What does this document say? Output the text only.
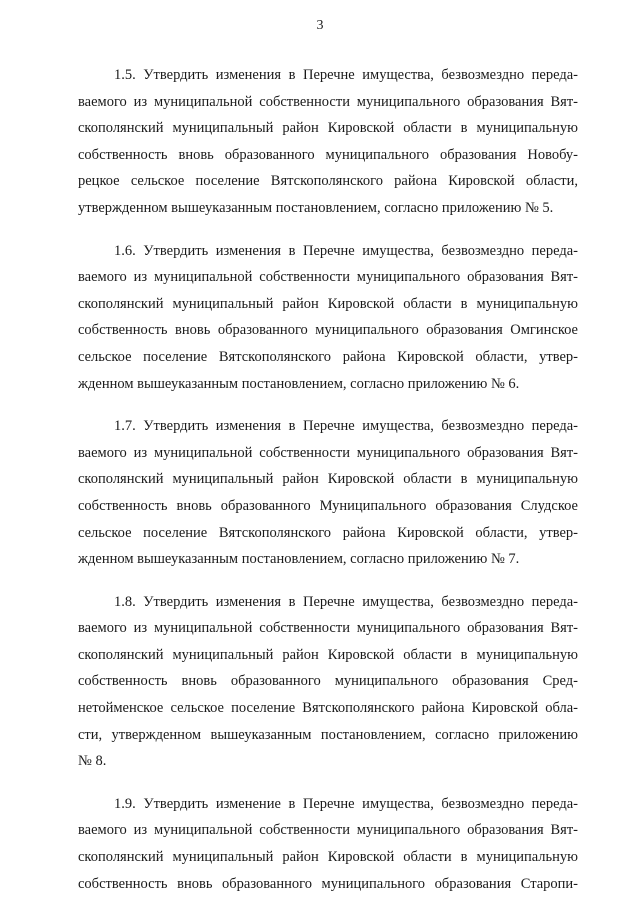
3

1.5. Утвердить изменения в Перечне имущества, безвозмездно переда-
ваемого из муниципальной собственности муниципального образования Вят-
скополянский муниципальный район Кировской области в муниципальную
собственность вновь образованного муниципального образования Новобу-
рецкое сельское поселение Вятскополянского района Кировской области,
утвержденном вышеуказанным постановлением, согласно приложению № 5.

1.6. Утвердить изменения в Перечне имущества, безвозмездно переда-
ваемого из муниципальной собственности муниципального образования Вят-
скополянский муниципальный район Кировской области в муниципальную
собственность вновь образованного муниципального образования Омгинское
сельское поселение Вятскополянского района Кировской области, утвер-
жденном вышеуказанным постановлением, согласно приложению № 6.

1.7. Утвердить изменения в Перечне имущества, безвозмездно переда-
ваемого из муниципальной собственности муниципального образования Вят-
скополянский муниципальный район Кировской области в муниципальную
собственность вновь образованного Муниципального образования Слудское
сельское поселение Вятскополянского района Кировской области, утвер-
жденном вышеуказанным постановлением, согласно приложению № 7.

1.8. Утвердить изменения в Перечне имущества, безвозмездно переда-
ваемого из муниципальной собственности муниципального образования Вят-
скополянский муниципальный район Кировской области в муниципальную
собственность вновь образованного муниципального образования Сред-
нетойменское сельское поселение Вятскополянского района Кировской обла-
сти, утвержденном вышеуказанным постановлением, согласно приложению
№ 8.

1.9. Утвердить изменение в Перечне имущества, безвозмездно переда-
ваемого из муниципальной собственности муниципального образования Вят-
скополянский муниципальный район Кировской области в муниципальную
собственность вновь образованного муниципального образования Старопи-
